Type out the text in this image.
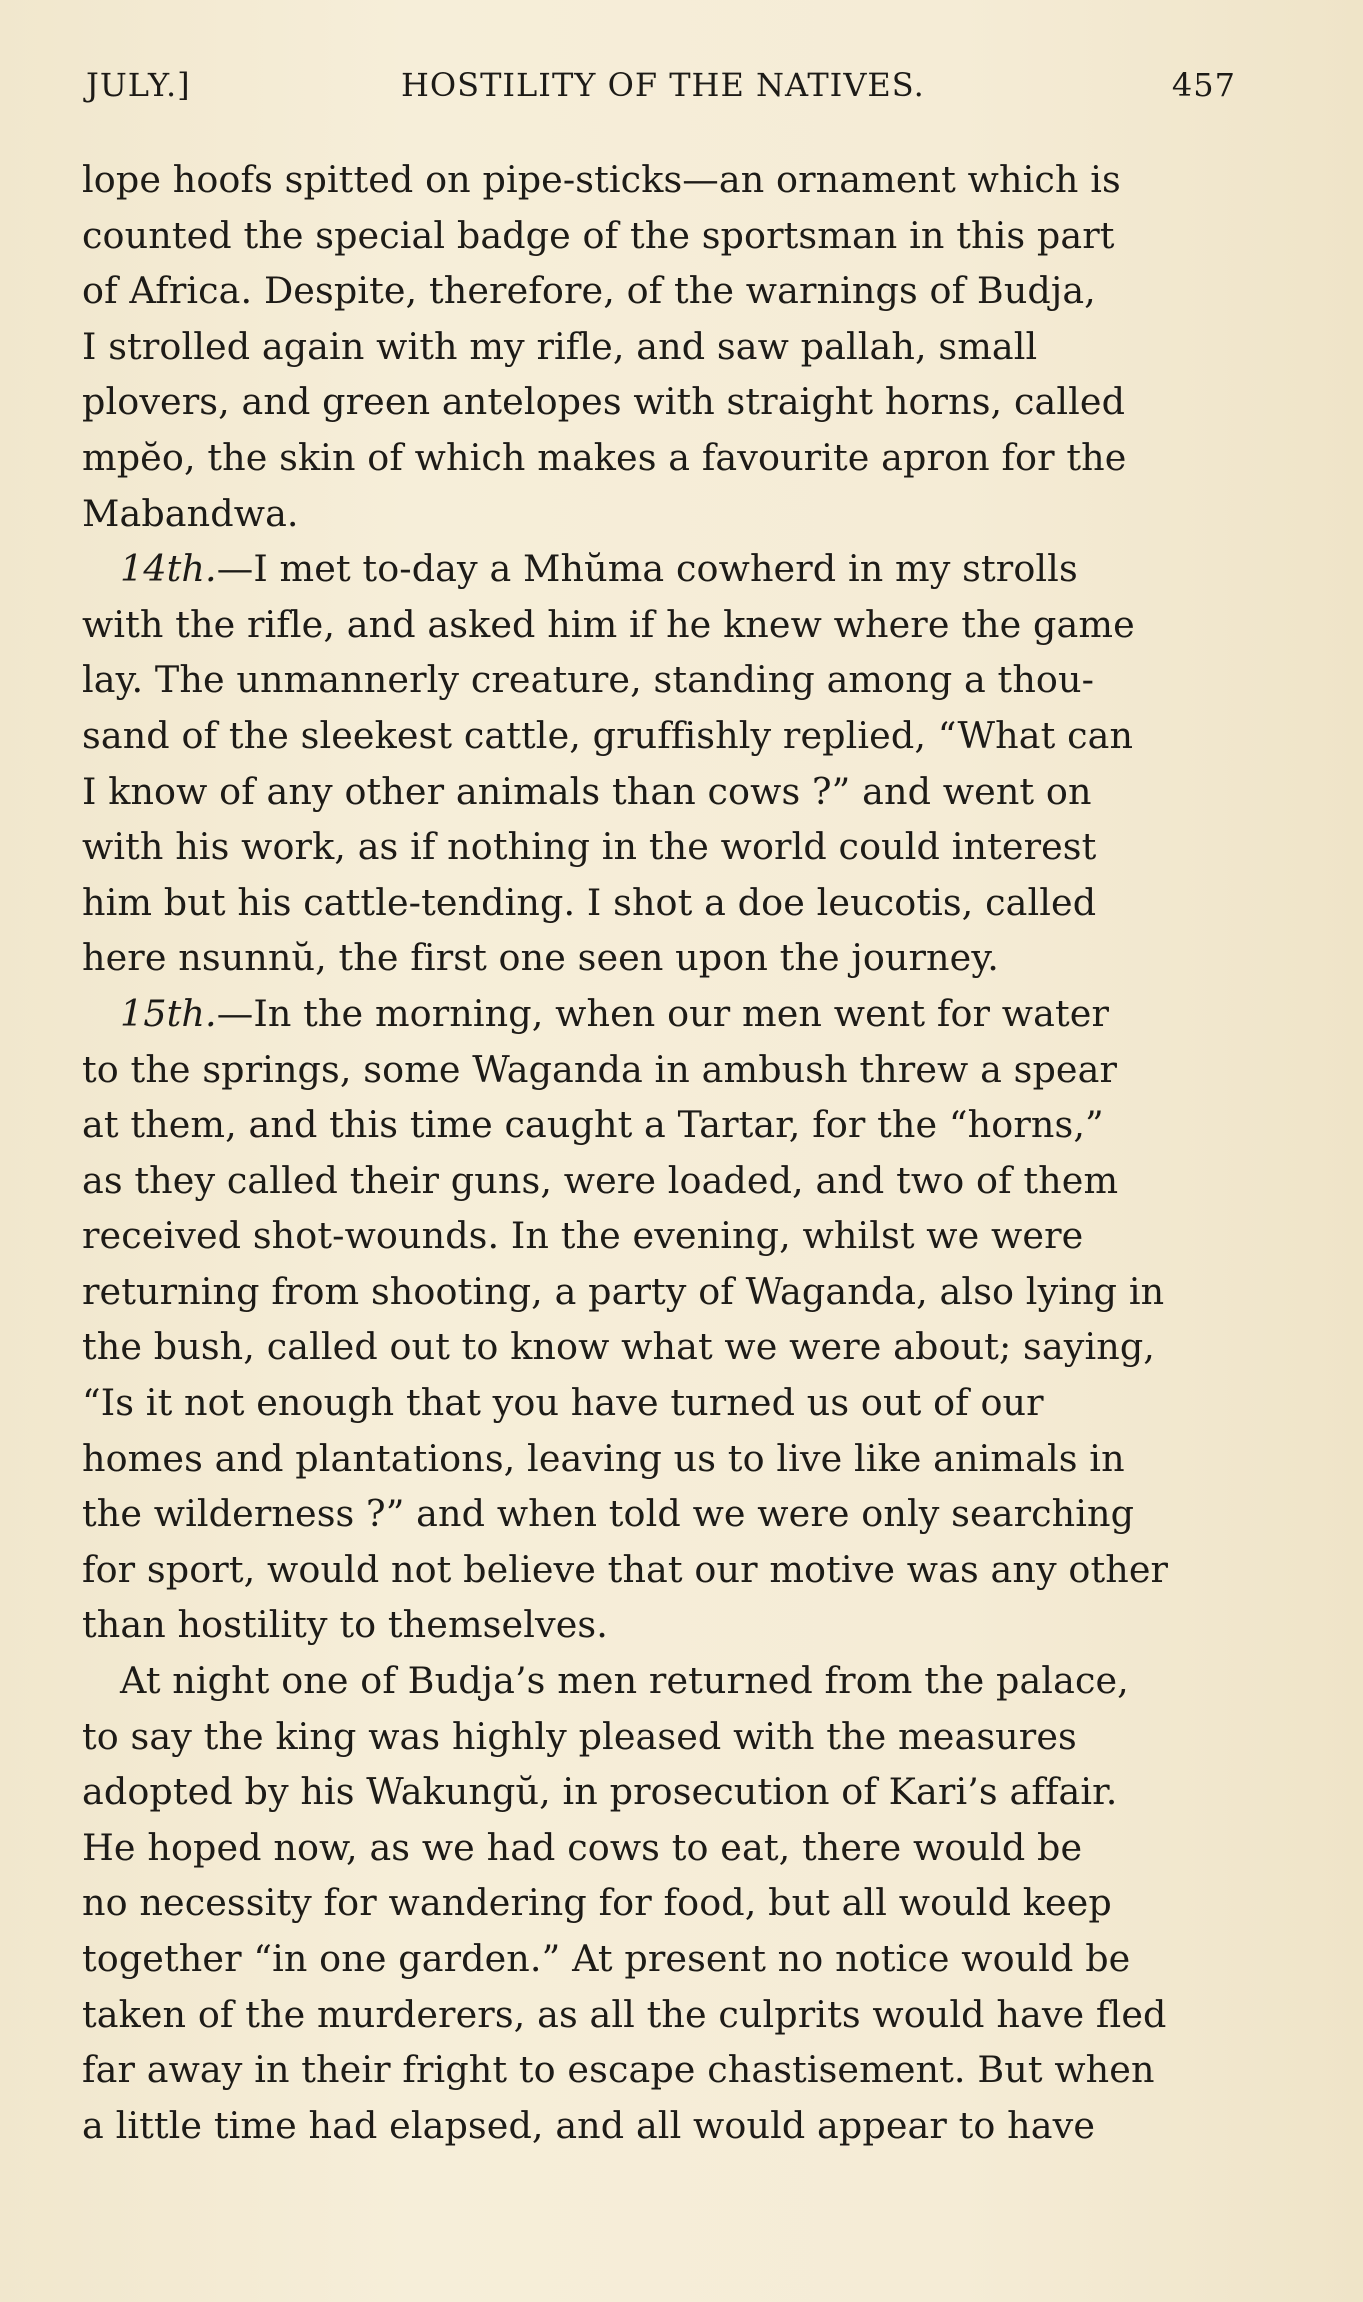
JULY.]	HOSTILITY OF THE NATIVES.	457
lope hoofs spitted on pipe-sticks—an ornament which is
counted the special badge of the sportsman in this part
of Africa. Despite, therefore, of the warnings of Budja,
I strolled again with my rifle, and saw pallah, small
plovers, and green antelopes with straight horns, called
mpĕo, the skin of which makes a favourite apron for the
Mabandwa.
14th.—I met to-day a Mhŭma cowherd in my strolls
with the rifle, and asked him if he knew where the game
lay. The unmannerly creature, standing among a thou-
sand of the sleekest cattle, gruffishly replied, “What can
I know of any other animals than cows ?” and went on
with his work, as if nothing in the world could interest
him but his cattle-tending. I shot a doe leucotis, called
here nsunnŭ, the first one seen upon the journey.
15th.—In the morning, when our men went for water
to the springs, some Waganda in ambush threw a spear
at them, and this time caught a Tartar, for the “horns,”
as they called their guns, were loaded, and two of them
received shot-wounds. In the evening, whilst we were
returning from shooting, a party of Waganda, also lying in
the bush, called out to know what we were about; saying,
“Is it not enough that you have turned us out of our
homes and plantations, leaving us to live like animals in
the wilderness ?” and when told we were only searching
for sport, would not believe that our motive was any other
than hostility to themselves.
At night one of Budja’s men returned from the palace,
to say the king was highly pleased with the measures
adopted by his Wakungŭ, in prosecution of Kari’s affair.
He hoped now, as we had cows to eat, there would be
no necessity for wandering for food, but all would keep
together “in one garden.” At present no notice would be
taken of the murderers, as all the culprits would have fled
far away in their fright to escape chastisement. But when
a little time had elapsed, and all would appear to have
